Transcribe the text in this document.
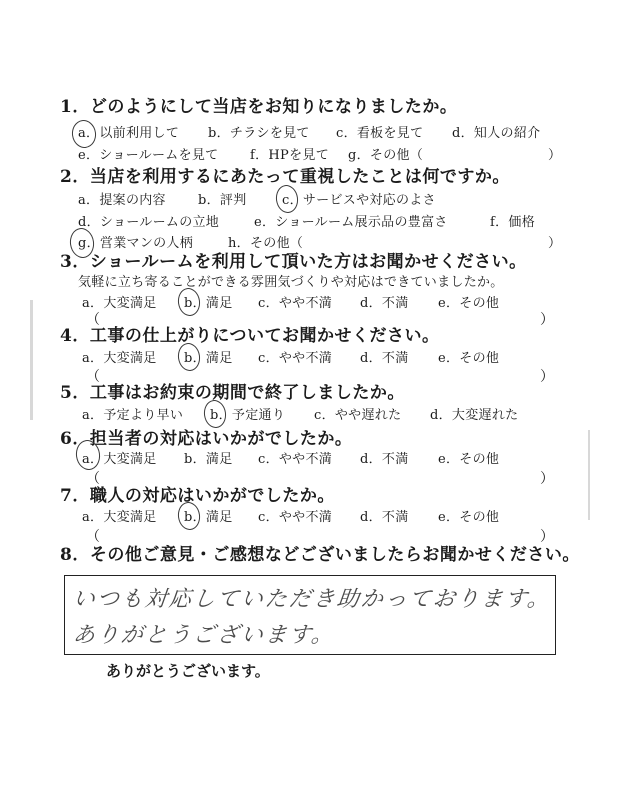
1．どのようにして当店をお知りになりましたか。
a．以前利用して b．チラシを見て c．看板を見て d．知人の紹介
e．ショールームを見て f．HPを見て g．その他（	）
2．当店を利用するにあたって重視したことは何ですか。
a．提案の内容 b．評判	c．サービスや対応のよさ
d．ショールームの立地	e．ショールーム展示品の豊富さ	f．価格
g．営業マンの人柄	h．その他（	）
3．ショールームを利用して頂いた方はお聞かせください。
気軽に立ち寄ることができる雰囲気づくりや対応はできていましたか。
a．大変満足 b．満足 c．やや不満 d．不満 e．その他
（	）
4．工事の仕上がりについてお聞かせください。
a．大変満足 b．満足 c．やや不満 d．不満 e．その他
（	）
5．工事はお約束の期間で終了しましたか。
a．予定より早い b．予定通り c．やや遅れた d．大変遅れた
6．担当者の対応はいかがでしたか。
a．大変満足 b．満足 c．やや不満 d．不満 e．その他
（	）
7．職人の対応はいかがでしたか。
a．大変満足 b．満足 c．やや不満 d．不満 e．その他
（	）
8．その他ご意見・ご感想などございましたらお聞かせください。
いつも対応していただき助かっております。
ありがとうございます。
ありがとうございます。
